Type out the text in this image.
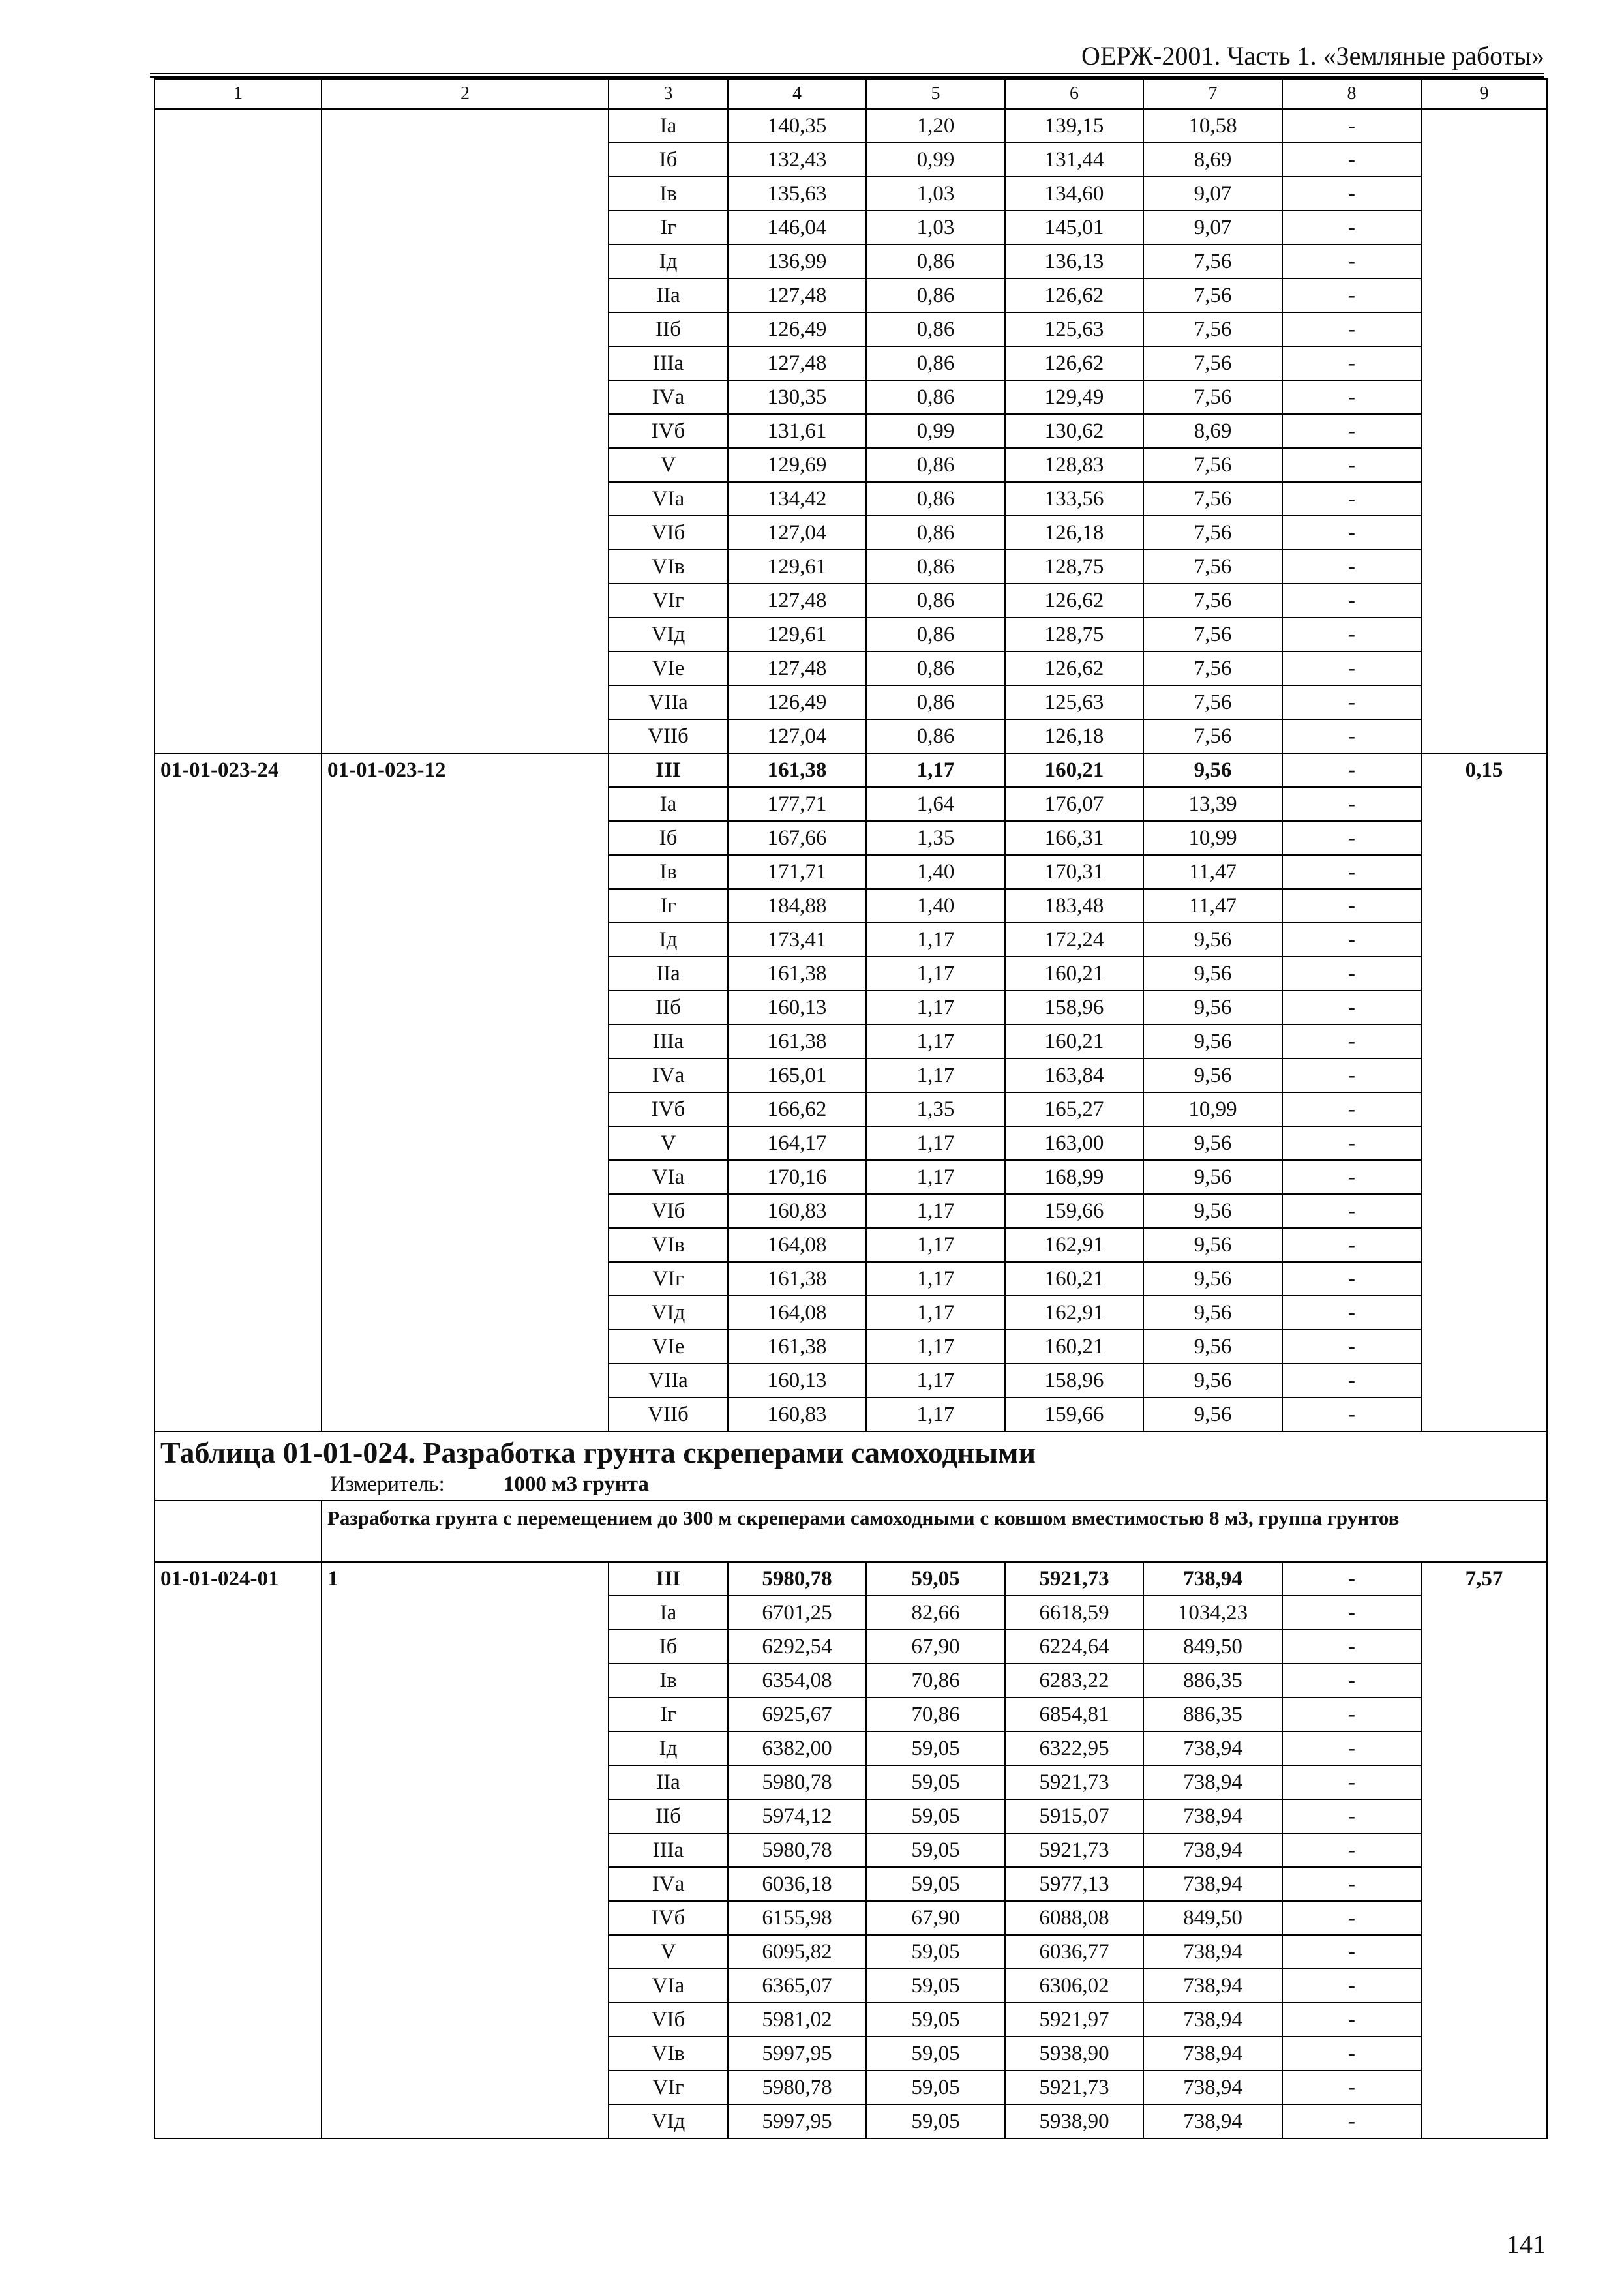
ОЕРЖ-2001. Часть 1. «Земляные работы»
1	2	3	4	5	6	7	8	9
		Iа	140,35	1,20	139,15	10,58	-	
		Iб	132,43	0,99	131,44	8,69	-	
		Iв	135,63	1,03	134,60	9,07	-	
		Iг	146,04	1,03	145,01	9,07	-	
		Iд	136,99	0,86	136,13	7,56	-	
		IIа	127,48	0,86	126,62	7,56	-	
		IIб	126,49	0,86	125,63	7,56	-	
		IIIа	127,48	0,86	126,62	7,56	-	
		IVа	130,35	0,86	129,49	7,56	-	
		IVб	131,61	0,99	130,62	8,69	-	
		V	129,69	0,86	128,83	7,56	-	
		VIа	134,42	0,86	133,56	7,56	-	
		VIб	127,04	0,86	126,18	7,56	-	
		VIв	129,61	0,86	128,75	7,56	-	
		VIг	127,48	0,86	126,62	7,56	-	
		VIд	129,61	0,86	128,75	7,56	-	
		VIе	127,48	0,86	126,62	7,56	-	
		VIIа	126,49	0,86	125,63	7,56	-	
		VIIб	127,04	0,86	126,18	7,56	-	
01-01-023-24	01-01-023-12	III	161,38	1,17	160,21	9,56	-	0,15
		Iа	177,71	1,64	176,07	13,39	-	
		Iб	167,66	1,35	166,31	10,99	-	
		Iв	171,71	1,40	170,31	11,47	-	
		Iг	184,88	1,40	183,48	11,47	-	
		Iд	173,41	1,17	172,24	9,56	-	
		IIа	161,38	1,17	160,21	9,56	-	
		IIб	160,13	1,17	158,96	9,56	-	
		IIIа	161,38	1,17	160,21	9,56	-	
		IVа	165,01	1,17	163,84	9,56	-	
		IVб	166,62	1,35	165,27	10,99	-	
		V	164,17	1,17	163,00	9,56	-	
		VIа	170,16	1,17	168,99	9,56	-	
		VIб	160,83	1,17	159,66	9,56	-	
		VIв	164,08	1,17	162,91	9,56	-	
		VIг	161,38	1,17	160,21	9,56	-	
		VIд	164,08	1,17	162,91	9,56	-	
		VIе	161,38	1,17	160,21	9,56	-	
		VIIа	160,13	1,17	158,96	9,56	-	
		VIIб	160,83	1,17	159,66	9,56	-	

Таблица 01-01-024. Разработка грунта скреперами самоходными
Измеритель: 1000 м3 грунта								

	Разработка грунта с перемещением до 300 м скреперами самоходными с ковшом вместимостью 8 м3, группа грунтов							

01-01-024-01	1	III	5980,78	59,05	5921,73	738,94	-	7,57
		Iа	6701,25	82,66	6618,59	1034,23	-	
		Iб	6292,54	67,90	6224,64	849,50	-	
		Iв	6354,08	70,86	6283,22	886,35	-	
		Iг	6925,67	70,86	6854,81	886,35	-	
		Iд	6382,00	59,05	6322,95	738,94	-	
		IIа	5980,78	59,05	5921,73	738,94	-	
		IIб	5974,12	59,05	5915,07	738,94	-	
		IIIа	5980,78	59,05	5921,73	738,94	-	
		IVа	6036,18	59,05	5977,13	738,94	-	
		IVб	6155,98	67,90	6088,08	849,50	-	
		V	6095,82	59,05	6036,77	738,94	-	
		VIа	6365,07	59,05	6306,02	738,94	-	
		VIб	5981,02	59,05	5921,97	738,94	-	
		VIв	5997,95	59,05	5938,90	738,94	-	
		VIг	5980,78	59,05	5921,73	738,94	-	
		VIд	5997,95	59,05	5938,90	738,94	-	
141
